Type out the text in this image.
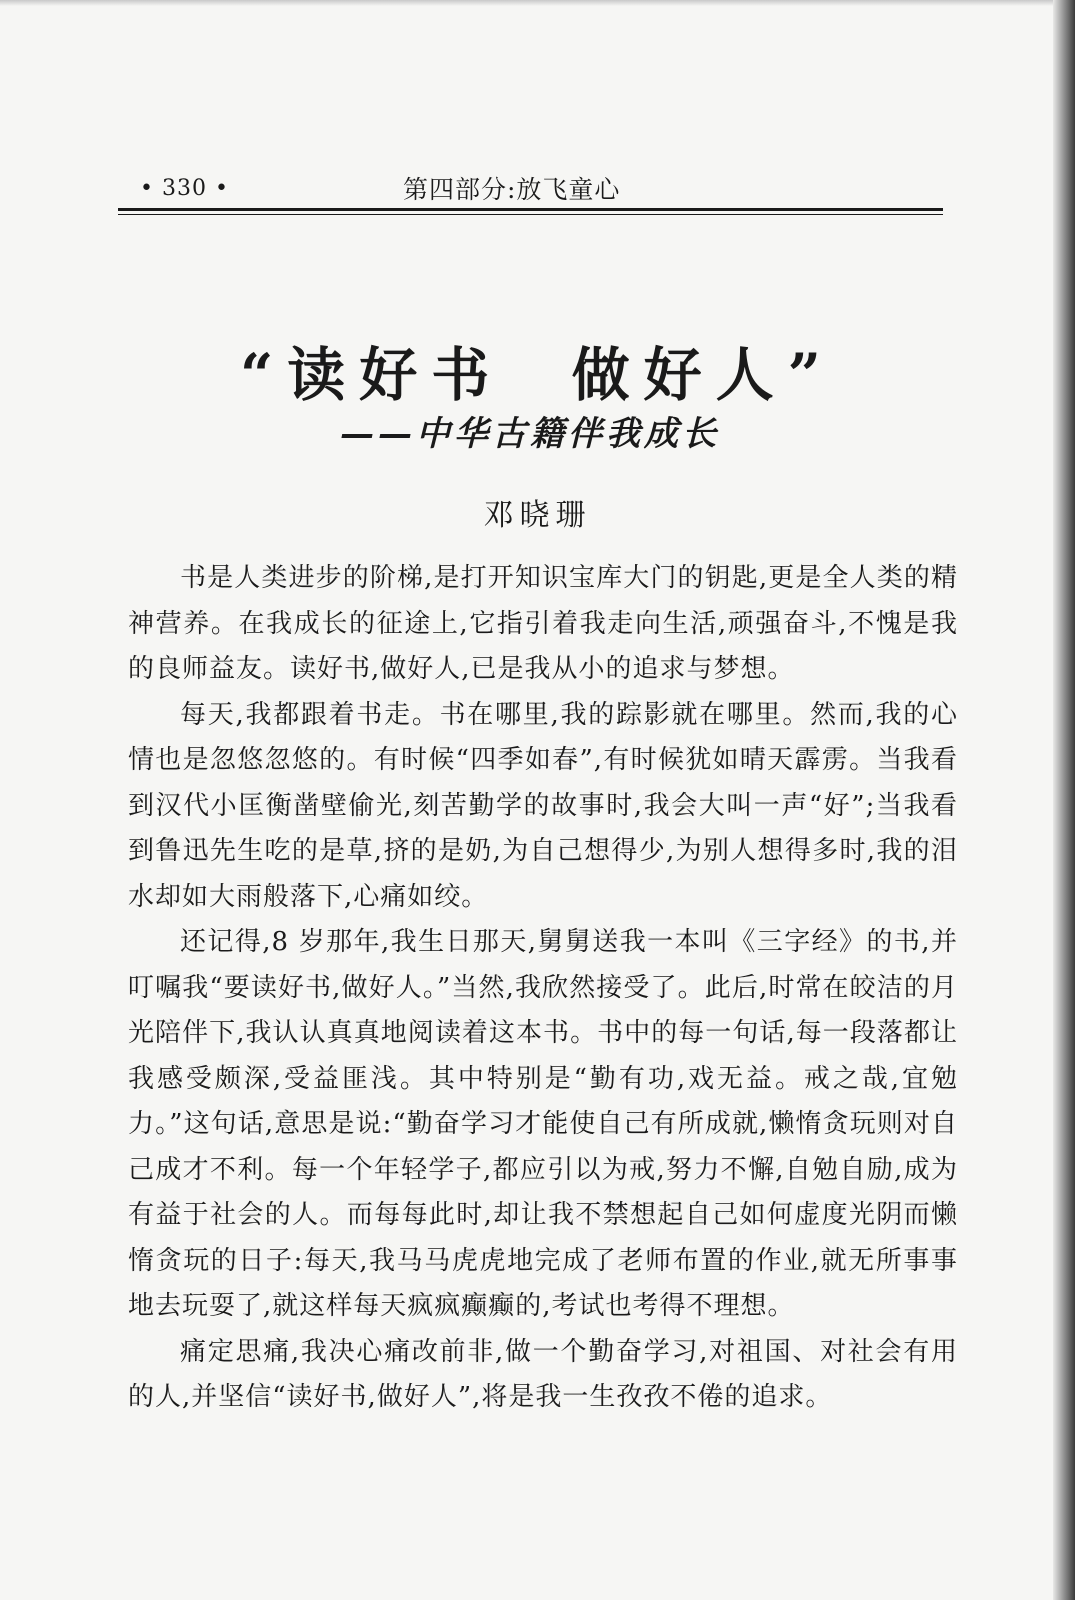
• 330 •	第四部分:放飞童心
“读好书  做好人”
——中华古籍伴我成长
邓晓珊

书是人类进步的阶梯,是打开知识宝库大门的钥匙,更是全人类的精神营养。在我成长的征途上,它指引着我走向生活,顽强奋斗,不愧是我的良师益友。读好书,做好人,已是我从小的追求与梦想。

每天,我都跟着书走。书在哪里,我的踪影就在哪里。然而,我的心情也是忽悠忽悠的。有时候“四季如春”,有时候犹如晴天霹雳。当我看到汉代小匡衡凿壁偷光,刻苦勤学的故事时,我会大叫一声“好”;当我看到鲁迅先生吃的是草,挤的是奶,为自己想得少,为别人想得多时,我的泪水却如大雨般落下,心痛如绞。

还记得,8 岁那年,我生日那天,舅舅送我一本叫《三字经》的书,并叮嘱我“要读好书,做好人。”当然,我欣然接受了。此后,时常在皎洁的月光陪伴下,我认认真真地阅读着这本书。书中的每一句话,每一段落都让我感受颇深,受益匪浅。其中特别是“勤有功,戏无益。戒之哉,宜勉力。”这句话,意思是说:“勤奋学习才能使自己有所成就,懒惰贪玩则对自己成才不利。每一个年轻学子,都应引以为戒,努力不懈,自勉自励,成为有益于社会的人。而每每此时,却让我不禁想起自己如何虚度光阴而懒惰贪玩的日子:每天,我马马虎虎地完成了老师布置的作业,就无所事事地去玩耍了,就这样每天疯疯癫癫的,考试也考得不理想。

痛定思痛,我决心痛改前非,做一个勤奋学习,对祖国、对社会有用的人,并坚信“读好书,做好人”,将是我一生孜孜不倦的追求。
